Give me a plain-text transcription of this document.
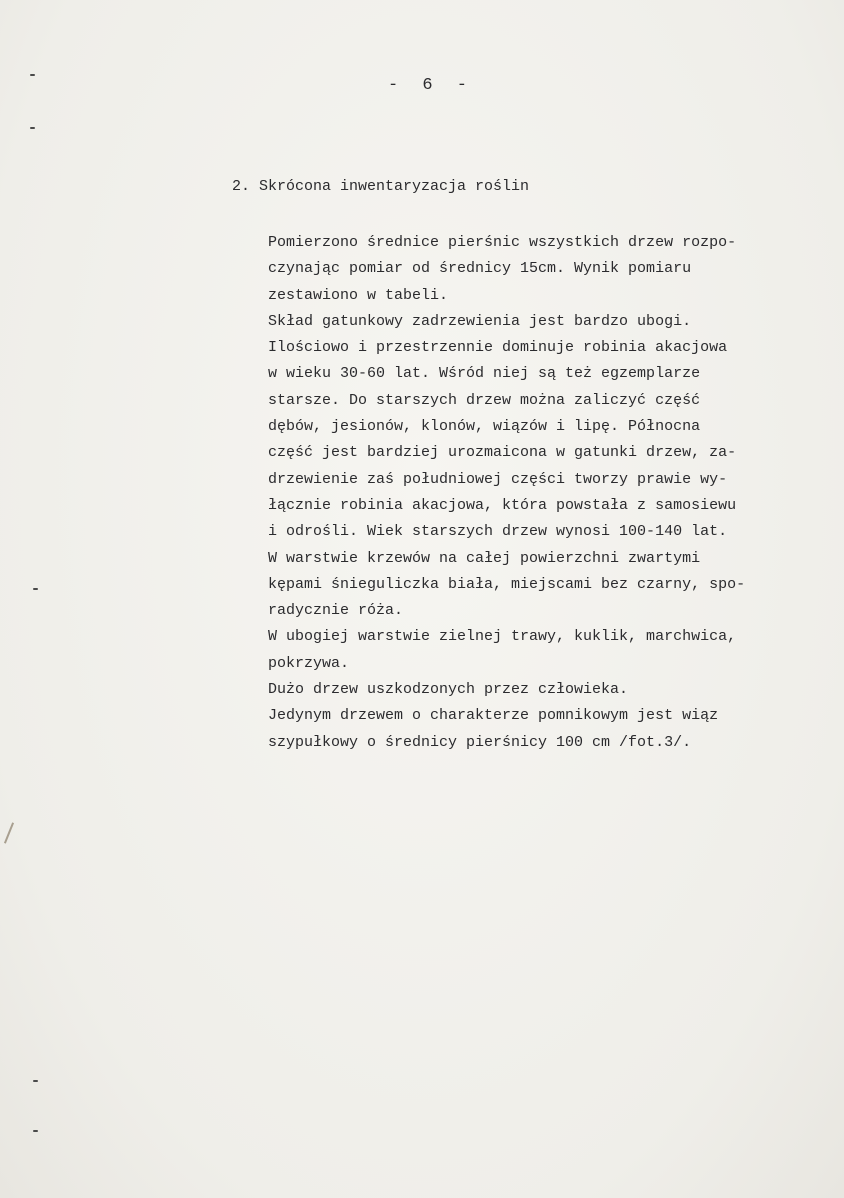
- 6 -
2. Skrócona inwentaryzacja roślin
Pomierzono średnice pierśnic wszystkich drzew rozpo-
czynając pomiar od średnicy 15cm. Wynik pomiaru
zestawiono w tabeli.
Skład gatunkowy zadrzewienia jest bardzo ubogi.
Ilościowo i przestrzennie dominuje robinia akacjowa
w wieku 30-60 lat. Wśród niej są też egzemplarze
starsze. Do starszych drzew można zaliczyć część
dębów, jesionów, klonów, wiązów i lipę. Północna
część jest bardziej urozmaicona w gatunki drzew, za-
drzewienie zaś południowej części tworzy prawie wy-
łącznie robinia akacjowa, która powstała z samosiewu
i odrośli. Wiek starszych drzew wynosi 100-140 lat.
W warstwie krzewów na całej powierzchni zwartymi
kępami śnieguliczka biała, miejscami bez czarny, spo-
radycznie róża.
W ubogiej warstwie zielnej trawy, kuklik, marchwica,
pokrzywa.
Dużo drzew uszkodzonych przez człowieka.
Jedynym drzewem o charakterze pomnikowym jest wiąz
szypułkowy o średnicy pierśnicy 100 cm /fot.3/.
